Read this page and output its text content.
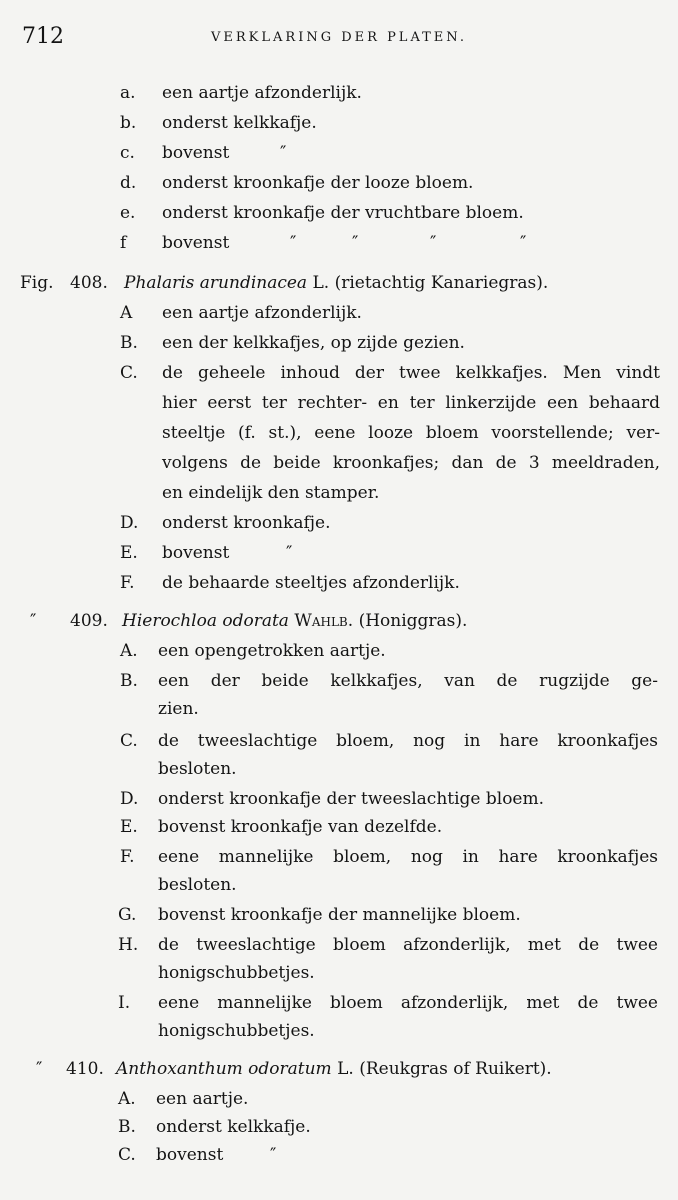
712	VERKLARING DER PLATEN.
a. een aartje afzonderlijk.
b. onderst kelkkafje.
c. bovenst	″
d. onderst kroonkafje der looze bloem.
e. onderst kroonkafje der vruchtbare bloem.
f bovenst	″	″	″	″
Fig. 408. Phalaris arundinacea L. (rietachtig Kanariegras).
A een aartje afzonderlijk.
B. een der kelkkafjes, op zijde gezien.
C. de geheele inhoud der twee kelkkafjes. Men vindt
hier eerst ter rechter- en ter linkerzijde een behaard
steeltje (f. st.), eene looze bloem voorstellende; ver-
volgens de beide kroonkafjes; dan de 3 meeldraden,
en eindelijk den stamper.
D. onderst kroonkafje.
E. bovenst	″
F. de behaarde steeltjes afzonderlijk.
″ 409. Hierochloa odorata Wahlb. (Honiggras).
A. een opengetrokken aartje.
B. een der beide kelkkafjes, van de rugzijde ge-
zien.
C. de tweeslachtige bloem, nog in hare kroonkafjes
besloten.
D. onderst kroonkafje der tweeslachtige bloem.
E. bovenst kroonkafje van dezelfde.
F. eene mannelijke bloem, nog in hare kroonkafjes
besloten.
G. bovenst kroonkafje der mannelijke bloem.
H. de tweeslachtige bloem afzonderlijk, met de twee
honigschubbetjes.
I. eene mannelijke bloem afzonderlijk, met de twee
honigschubbetjes.
″ 410. Anthoxanthum odoratum L. (Reukgras of Ruikert).
A. een aartje.
B. onderst kelkkafje.
C. bovenst	″
